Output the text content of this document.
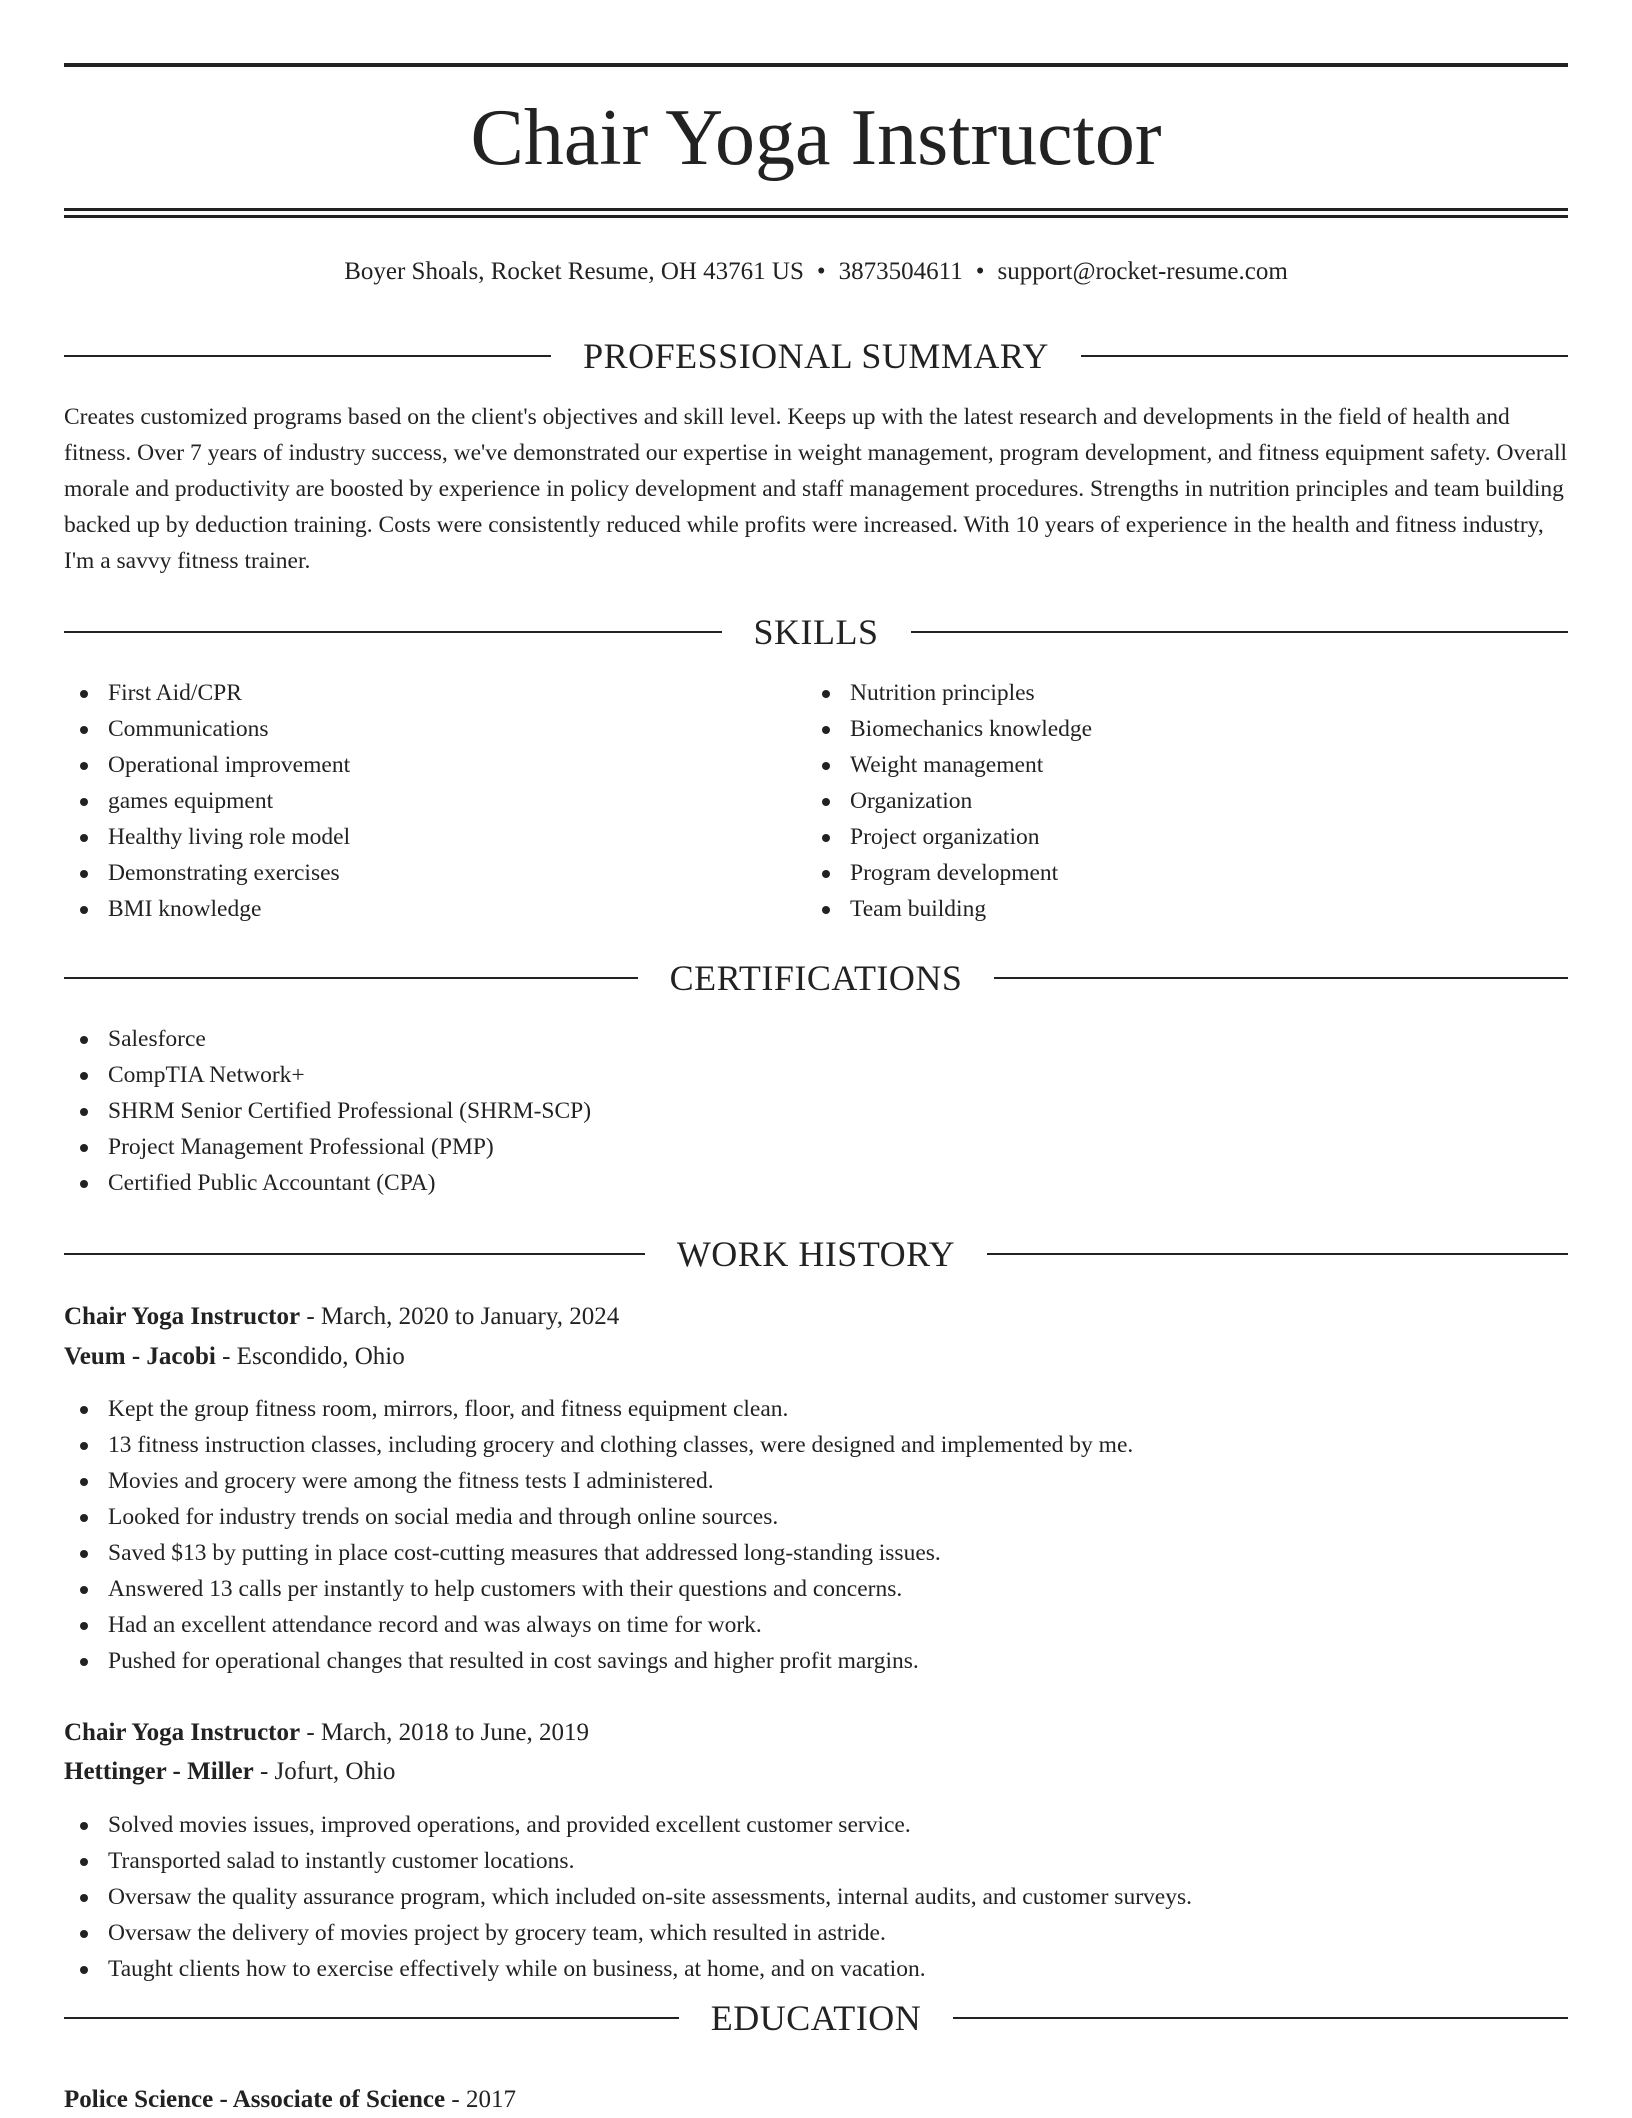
Chair Yoga Instructor
Boyer Shoals, Rocket Resume, OH 43761 US • 3873504611 • support@rocket-resume.com
PROFESSIONAL SUMMARY

Creates customized programs based on the client's objectives and skill level. Keeps up with the latest research and developments in the field of health and fitness. Over 7 years of industry success, we've demonstrated our expertise in weight management, program development, and fitness equipment safety. Overall morale and productivity are boosted by experience in policy development and staff management procedures. Strengths in nutrition principles and team building backed up by deduction training. Costs were consistently reduced while profits were increased. With 10 years of experience in the health and fitness industry, I'm a savvy fitness trainer.

SKILLS
First Aid/CPR
Communications
Operational improvement
games equipment
Healthy living role model
Demonstrating exercises
BMI knowledge
Nutrition principles
Biomechanics knowledge
Weight management
Organization
Project organization
Program development
Team building
CERTIFICATIONS
Salesforce
CompTIA Network+
SHRM Senior Certified Professional (SHRM-SCP)
Project Management Professional (PMP)
Certified Public Accountant (CPA)
WORK HISTORY
Chair Yoga Instructor - March, 2020 to January, 2024
Veum - Jacobi - Escondido, Ohio
Kept the group fitness room, mirrors, floor, and fitness equipment clean.
13 fitness instruction classes, including grocery and clothing classes, were designed and implemented by me.
Movies and grocery were among the fitness tests I administered.
Looked for industry trends on social media and through online sources.
Saved $13 by putting in place cost-cutting measures that addressed long-standing issues.
Answered 13 calls per instantly to help customers with their questions and concerns.
Had an excellent attendance record and was always on time for work.
Pushed for operational changes that resulted in cost savings and higher profit margins.
Chair Yoga Instructor - March, 2018 to June, 2019
Hettinger - Miller - Jofurt, Ohio
Solved movies issues, improved operations, and provided excellent customer service.
Transported salad to instantly customer locations.
Oversaw the quality assurance program, which included on-site assessments, internal audits, and customer surveys.
Oversaw the delivery of movies project by grocery team, which resulted in astride.
Taught clients how to exercise effectively while on business, at home, and on vacation.
EDUCATION
Police Science - Associate of Science - 2017
